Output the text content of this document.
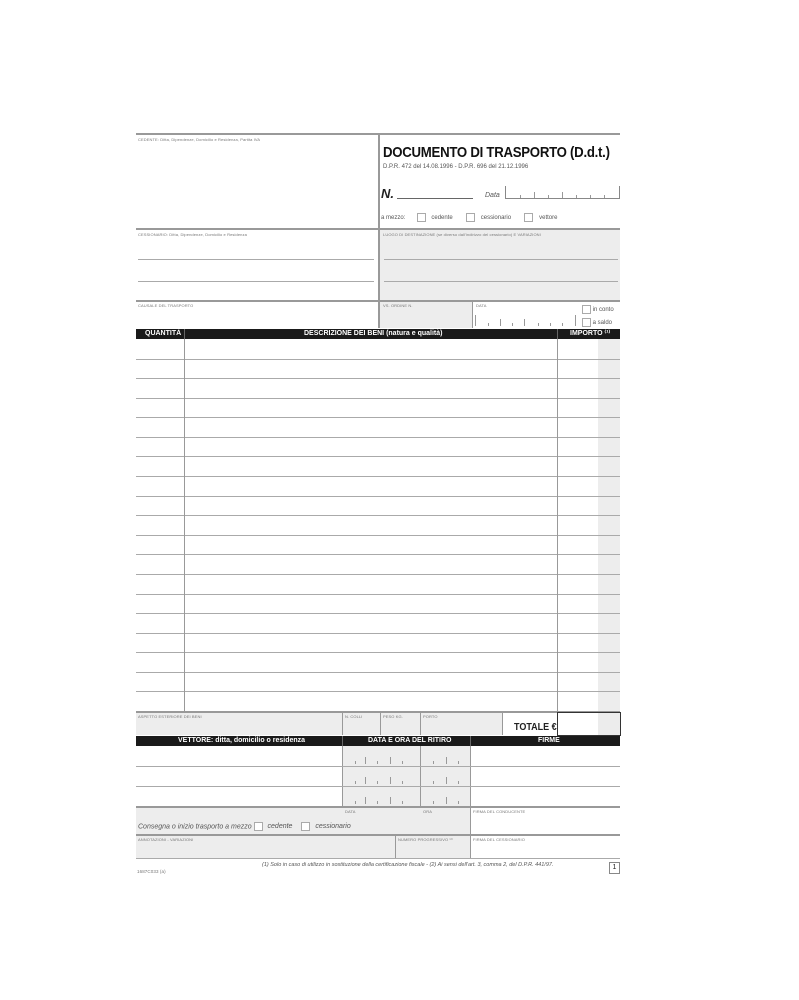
CEDENTE: Ditta, Dipendenze, Domicilio e Residenza, Partita IVA
DOCUMENTO DI TRASPORTO (D.d.t.)
D.P.R. 472 del 14.08.1996 - D.P.R. 696 del 21.12.1996
N.	Data
a mezzo:	cedente	cessionario	vettore
CESSIONARIO: Ditta, Dipendenze, Domicilio e Residenza	LUOGO DI DESTINAZIONE (se diverso dall'indirizzo del cessionario) E VARIAZIONI
CAUSALE DEL TRASPORTO	VS. ORDINE N.	DATA
in conto
a saldo
QUANTITÀ	DESCRIZIONE DEI BENI (natura e qualità)	IMPORTO ⁽¹⁾
ASPETTO ESTERIORE DEI BENI	N. COLLI	PESO KG.	PORTO
TOTALE €
VETTORE: ditta, domicilio o residenza	DATA E ORA DEL RITIRO	FIRME
DATA	ORA	FIRMA DEL CONDUCENTE
Consegna o inizio trasporto a mezzo cedente	cessionario
ANNOTAZIONI - VARIAZIONI	NUMERO PROGRESSIVO ⁽²⁾	FIRMA DEL CESSIONARIO
1687C033 (a)
(1) Solo in caso di utilizzo in sostituzione della certificazione fiscale - (2) Ai sensi dell'art. 3, comma 2, del D.P.R. 441/97.	1
